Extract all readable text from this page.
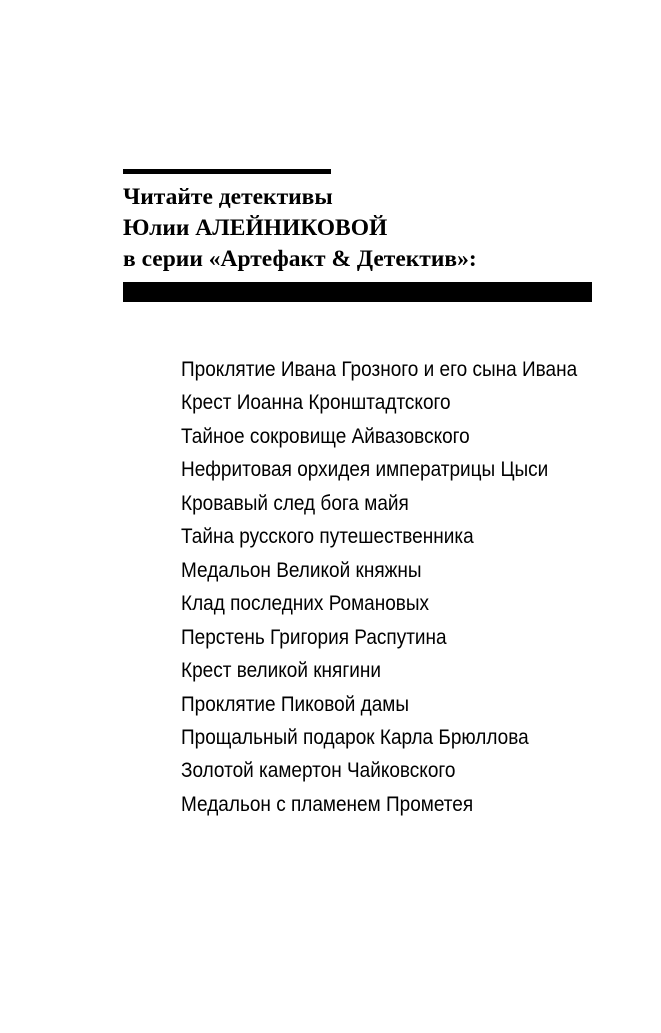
Читайте детективы
Юлии АЛЕЙНИКОВОЙ
в серии «Артефакт & Детектив»:
Проклятие Ивана Грозного и его сына Ивана
Крест Иоанна Кронштадтского
Тайное сокровище Айвазовского
Нефритовая орхидея императрицы Цыси
Кровавый след бога майя
Тайна русского путешественника
Медальон Великой княжны
Клад последних Романовых
Перстень Григория Распутина
Крест великой княгини
Проклятие Пиковой дамы
Прощальный подарок Карла Брюллова
Золотой камертон Чайковского
Медальон с пламенем Прометея
